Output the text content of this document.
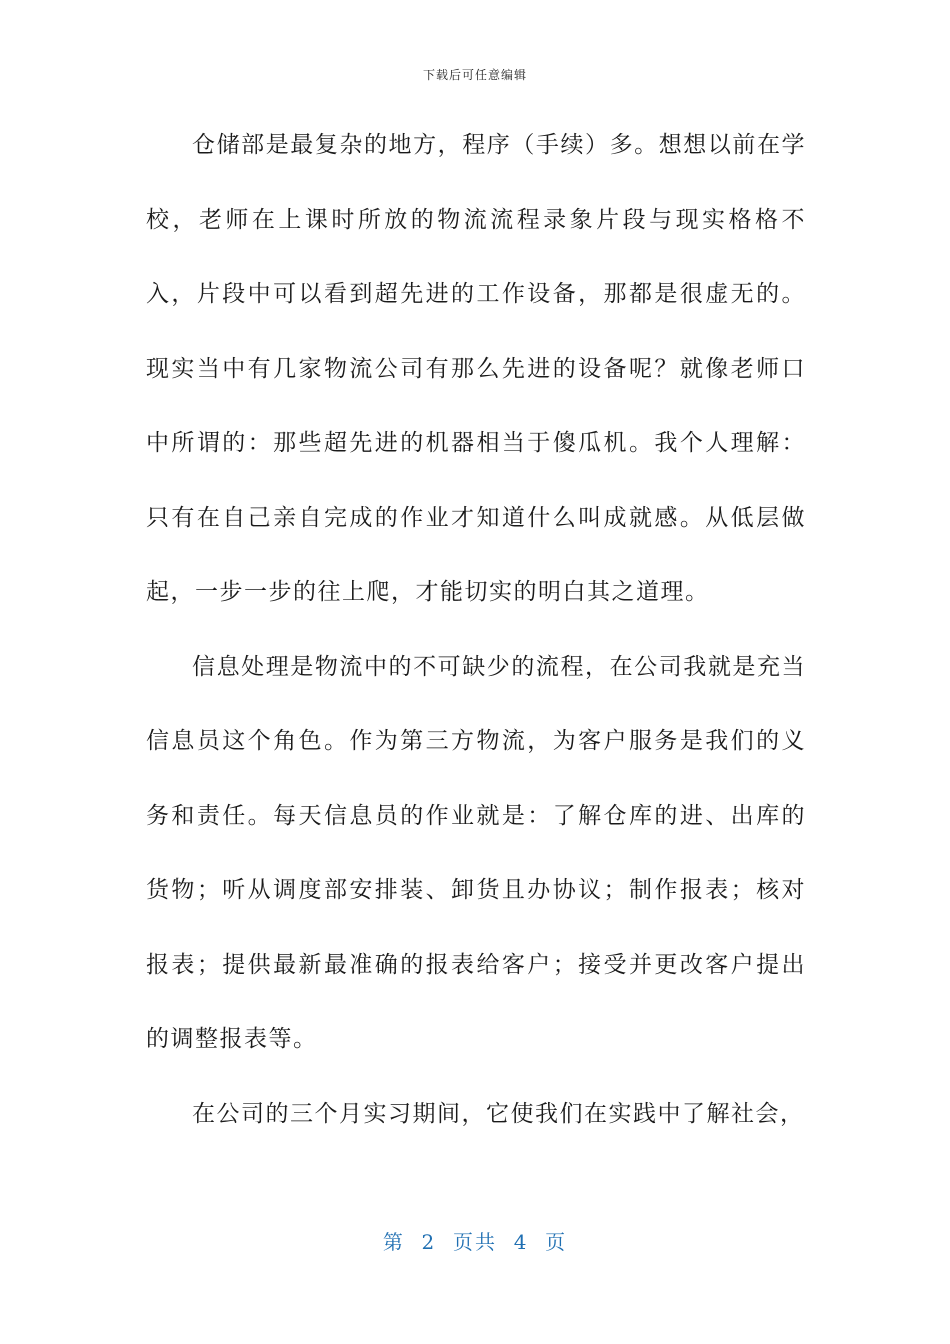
下载后可任意编辑

仓储部是最复杂的地方，程序（手续）多。想想以前在学校，老师在上课时所放的物流流程录象片段与现实格格不入，片段中可以看到超先进的工作设备，那都是很虚无的。现实当中有几家物流公司有那么先进的设备呢？就像老师口中所谓的：那些超先进的机器相当于傻瓜机。我个人理解：只有在自己亲自完成的作业才知道什么叫成就感。从低层做起，一步一步的往上爬，才能切实的明白其之道理。

信息处理是物流中的不可缺少的流程，在公司我就是充当信息员这个角色。作为第三方物流，为客户服务是我们的义务和责任。每天信息员的作业就是：了解仓库的进、出库的货物；听从调度部安排装、卸货且办协议；制作报表；核对报表；提供最新最准确的报表给客户；接受并更改客户提出的调整报表等。

在公司的三个月实习期间，它使我们在实践中了解社会，

第  2  页共  4  页
